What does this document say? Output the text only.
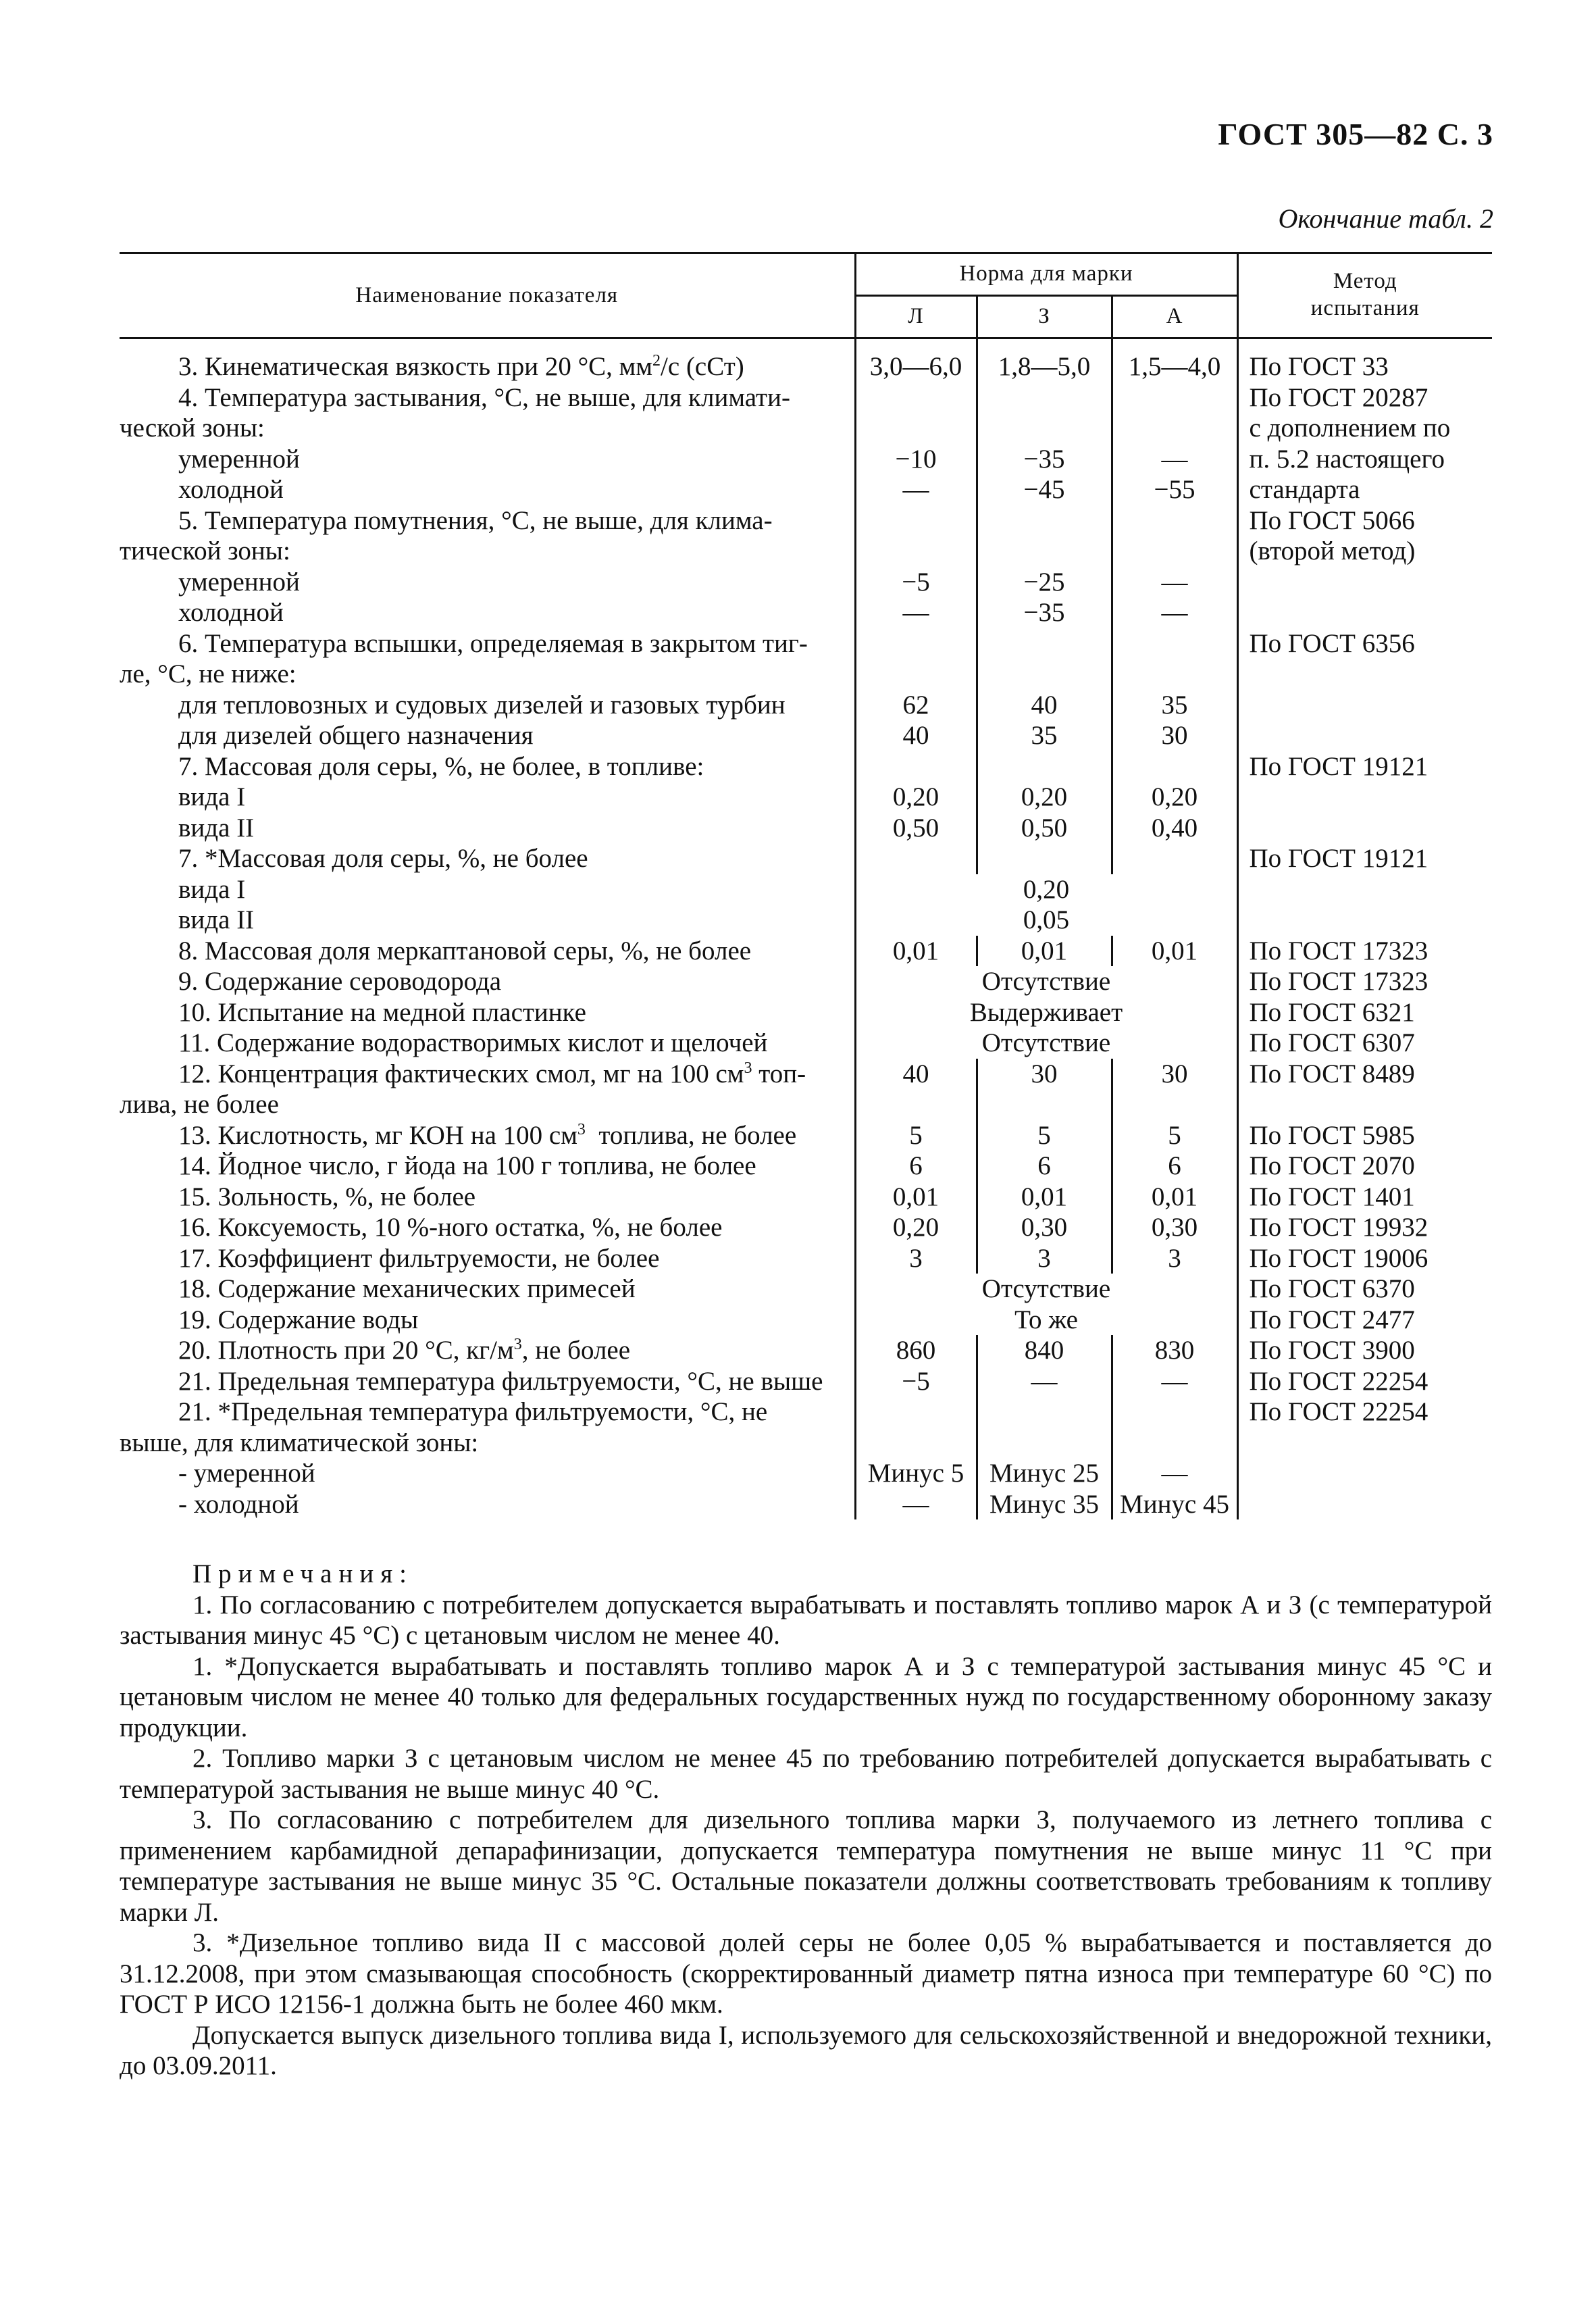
ГОСТ 305—82 С. 3
Окончание табл. 2
Наименование показателя	Норма для марки			Метод испытания
	Л	З	А	
3. Кинематическая вязкость при 20 °С, $мм^2/с$ (сСт)	3,0—6,0	1,8—5,0	1,5—4,0	По ГОСТ 33
4. Температура застывания, °С, не выше, для климати-				По ГОСТ 20287
ческой зоны:				с дополнением по
умеренной	−10	−35	—	п. 5.2 настоящего
холодной	—	−45	−55	стандарта
5. Температура помутнения, °С, не выше, для клима-				По ГОСТ 5066
тической зоны:				(второй метод)
умеренной	−5	−25	—	
холодной	—	−35	—	
6. Температура вспышки, определяемая в закрытом тиг-				По ГОСТ 6356
ле, °С, не ниже:				
для тепловозных и судовых дизелей и газовых турбин	62	40	35	
для дизелей общего назначения	40	35	30	
7. Массовая доля серы, %, не более, в топливе:				По ГОСТ 19121
вида I	0,20	0,20	0,20	
вида II	0,50	0,50	0,40	
7. *Массовая доля серы, %, не более				По ГОСТ 19121
вида I	0,20			
вида II	0,05			
8. Массовая доля меркаптановой серы, %, не более	0,01	0,01	0,01	По ГОСТ 17323
9. Содержание сероводорода	Отсутствие			По ГОСТ 17323
10. Испытание на медной пластинке	Выдерживает			По ГОСТ 6321
11. Содержание водорастворимых кислот и щелочей	Отсутствие			По ГОСТ 6307
12. Концентрация фактических смол, мг на 100 $см^3$ топ-	40	30	30	По ГОСТ 8489
лива, не более				
13. Кислотность, мг КОН на 100 $см^3$  топлива, не более	5	5	5	По ГОСТ 5985
14. Йодное число, г йода на 100 г топлива, не более	6	6	6	По ГОСТ 2070
15. Зольность, %, не более	0,01	0,01	0,01	По ГОСТ 1401
16. Коксуемость, 10 %-ного остатка, %, не более	0,20	0,30	0,30	По ГОСТ 19932
17. Коэффициент фильтруемости, не более	3	3	3	По ГОСТ 19006
18. Содержание механических примесей	Отсутствие			По ГОСТ 6370
19. Содержание воды	То же			По ГОСТ 2477
20. Плотность при 20 °С, $кг/м^3$, не более	860	840	830	По ГОСТ 3900
21. Предельная температура фильтруемости, °С, не выше	−5	—	—	По ГОСТ 22254
21. *Предельная температура фильтруемости, °С, не				По ГОСТ 22254
выше, для климатической зоны:				
- умеренной	Минус 5	Минус 25	—	
- холодной	—	Минус 35	Минус 45	

Примечания:

1. По согласованию с потребителем допускается вырабатывать и поставлять топливо марок А и З (с температурой застывания минус 45 °С) с цетановым числом не менее 40.

1. *Допускается вырабатывать и поставлять топливо марок А и З с температурой застывания минус 45 °С и цетановым числом не менее 40 только для федеральных государственных нужд по государственному оборонному заказу продукции.

2. Топливо марки З с цетановым числом не менее 45 по требованию потребителей допускается вырабатывать с температурой застывания не выше минус 40 °С.

3. По согласованию с потребителем для дизельного топлива марки З, получаемого из летнего топлива с применением карбамидной депарафинизации, допускается температура помутнения не выше минус 11 °С при температуре застывания не выше минус 35 °С. Остальные показатели должны соответствовать требованиям к топливу марки Л.

3. *Дизельное топливо вида II с массовой долей серы не более 0,05 % вырабатывается и поставляется до 31.12.2008, при этом смазывающая способность (скорректированный диаметр пятна износа при температуре 60 °С) по ГОСТ Р ИСО 12156-1 должна быть не более 460 мкм.

Допускается выпуск дизельного топлива вида I, используемого для сельскохозяйственной и внедорожной техники, до 03.09.2011.
